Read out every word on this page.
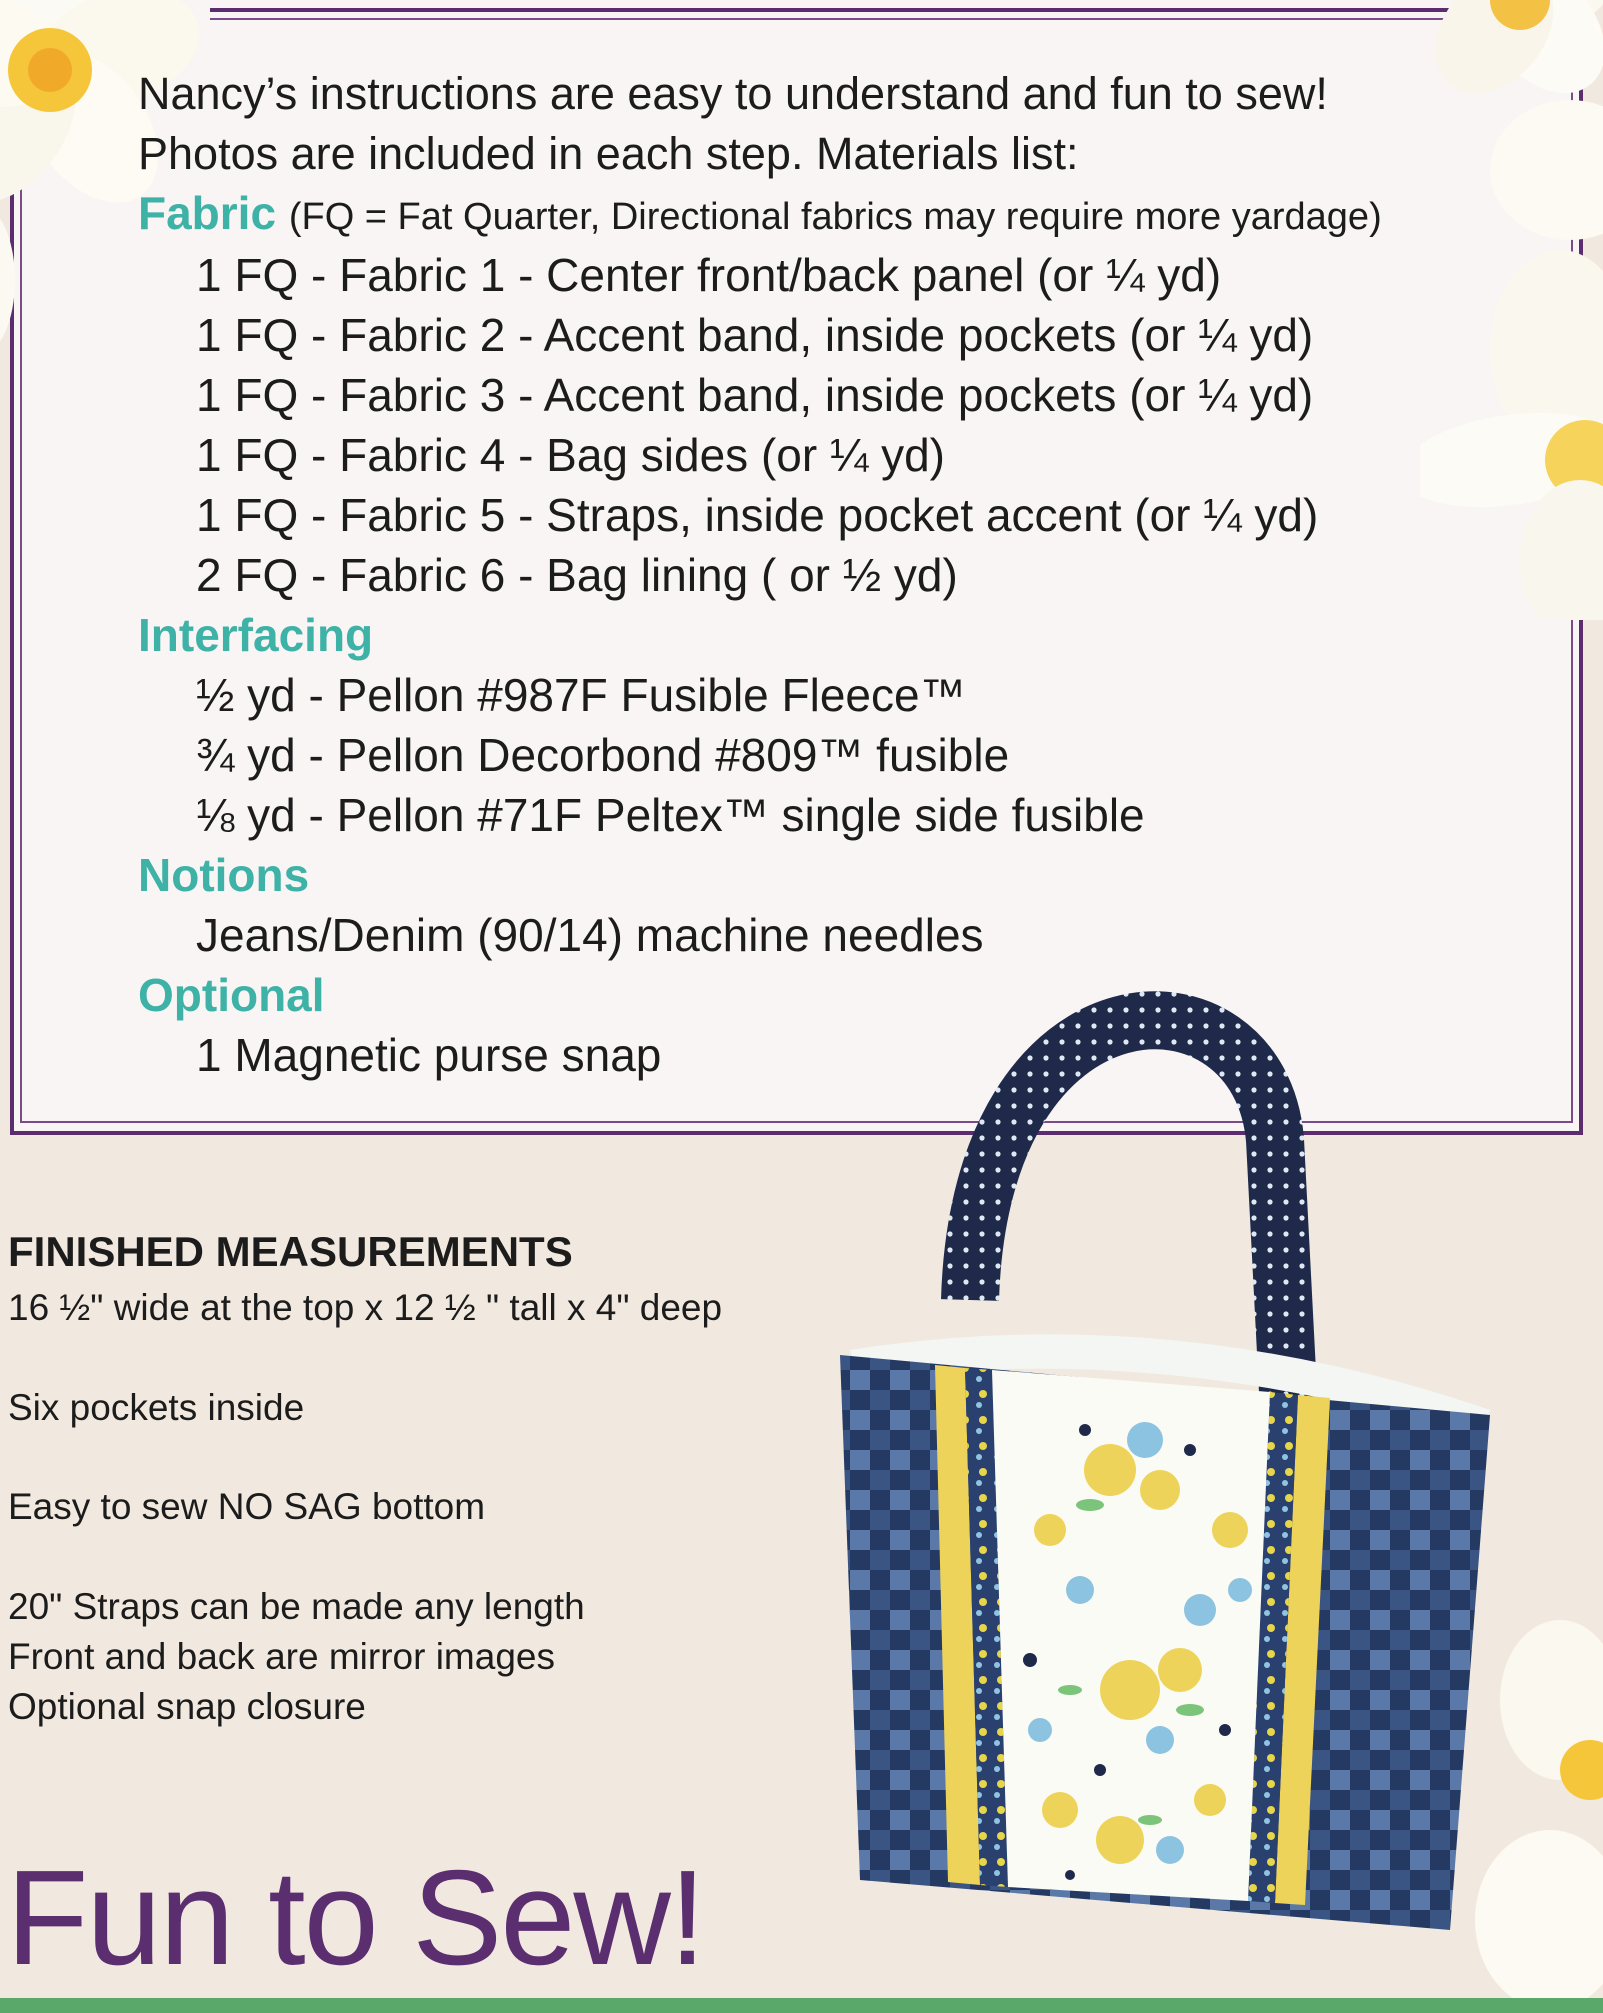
Nancy’s instructions are easy to understand and fun to sew!
Photos are included in each step. Materials list:
Fabric (FQ = Fat Quarter, Directional fabrics may require more yardage)
1 FQ - Fabric 1 - Center front/back panel (or ¼ yd)
1 FQ - Fabric 2 - Accent band, inside pockets (or ¼ yd)
1 FQ - Fabric 3 - Accent band, inside pockets (or ¼ yd)
1 FQ - Fabric 4 - Bag sides (or ¼ yd)
1 FQ - Fabric 5 - Straps, inside pocket accent (or ¼ yd)
2 FQ - Fabric 6 - Bag lining ( or ½ yd)
Interfacing
½ yd - Pellon #987F Fusible Fleece™
¾ yd - Pellon Decorbond #809™ fusible
⅛ yd - Pellon #71F Peltex™ single side fusible
Notions
Jeans/Denim (90/14) machine needles
Optional
1 Magnetic purse snap
FINISHED MEASUREMENTS
16 ½" wide at the top x 12 ½ " tall x 4" deep
Six pockets inside
Easy to sew NO SAG bottom
20" Straps can be made any length
Front and back are mirror images
Optional snap closure
Fun to Sew!
